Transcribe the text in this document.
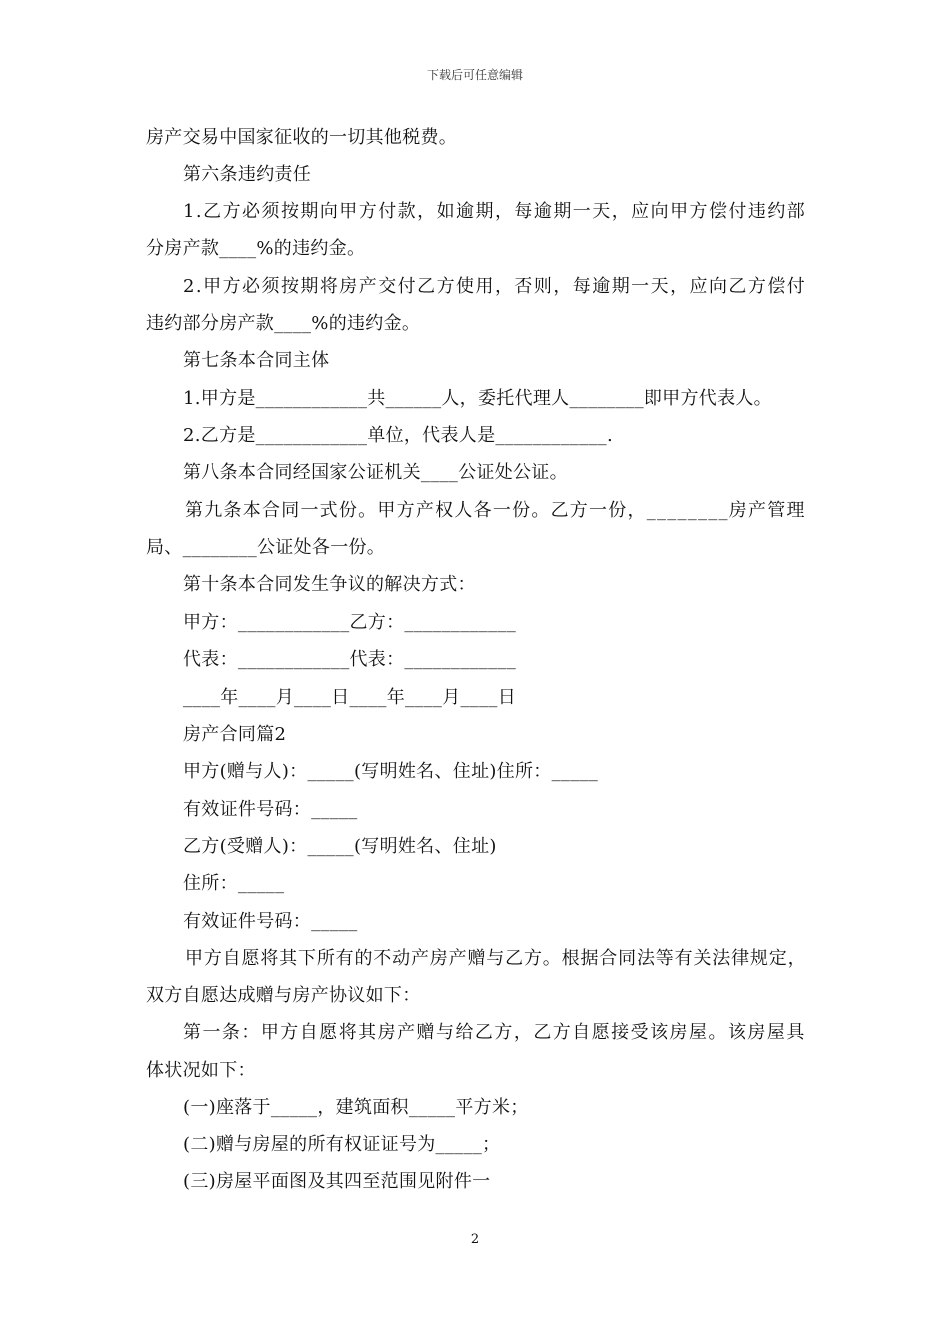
下载后可任意编辑
房产交易中国家征收的一切其他税费。
第六条违约责任
1.乙方必须按期向甲方付款，如逾期，每逾期一天，应向甲方偿付违约部
分房产款____%的违约金。
2.甲方必须按期将房产交付乙方使用，否则，每逾期一天，应向乙方偿付
违约部分房产款____%的违约金。
第七条本合同主体
1.甲方是____________共______人，委托代理人________即甲方代表人。
2.乙方是____________单位，代表人是____________.
第八条本合同经国家公证机关____公证处公证。
第九条本合同一式份。甲方产权人各一份。乙方一份，________房产管理
局、________公证处各一份。
第十条本合同发生争议的解决方式：
甲方：____________乙方：____________
代表：____________代表：____________
____年____月____日____年____月____日
房产合同篇2
甲方(赠与人)：_____(写明姓名、住址)住所：_____
有效证件号码：_____
乙方(受赠人)：_____(写明姓名、住址)
住所：_____
有效证件号码：_____
甲方自愿将其下所有的不动产房产赠与乙方。根据合同法等有关法律规定，
双方自愿达成赠与房产协议如下：
第一条：甲方自愿将其房产赠与给乙方，乙方自愿接受该房屋。该房屋具
体状况如下：
(一)座落于_____，建筑面积_____平方米；
(二)赠与房屋的所有权证证号为_____；
(三)房屋平面图及其四至范围见附件一
2
